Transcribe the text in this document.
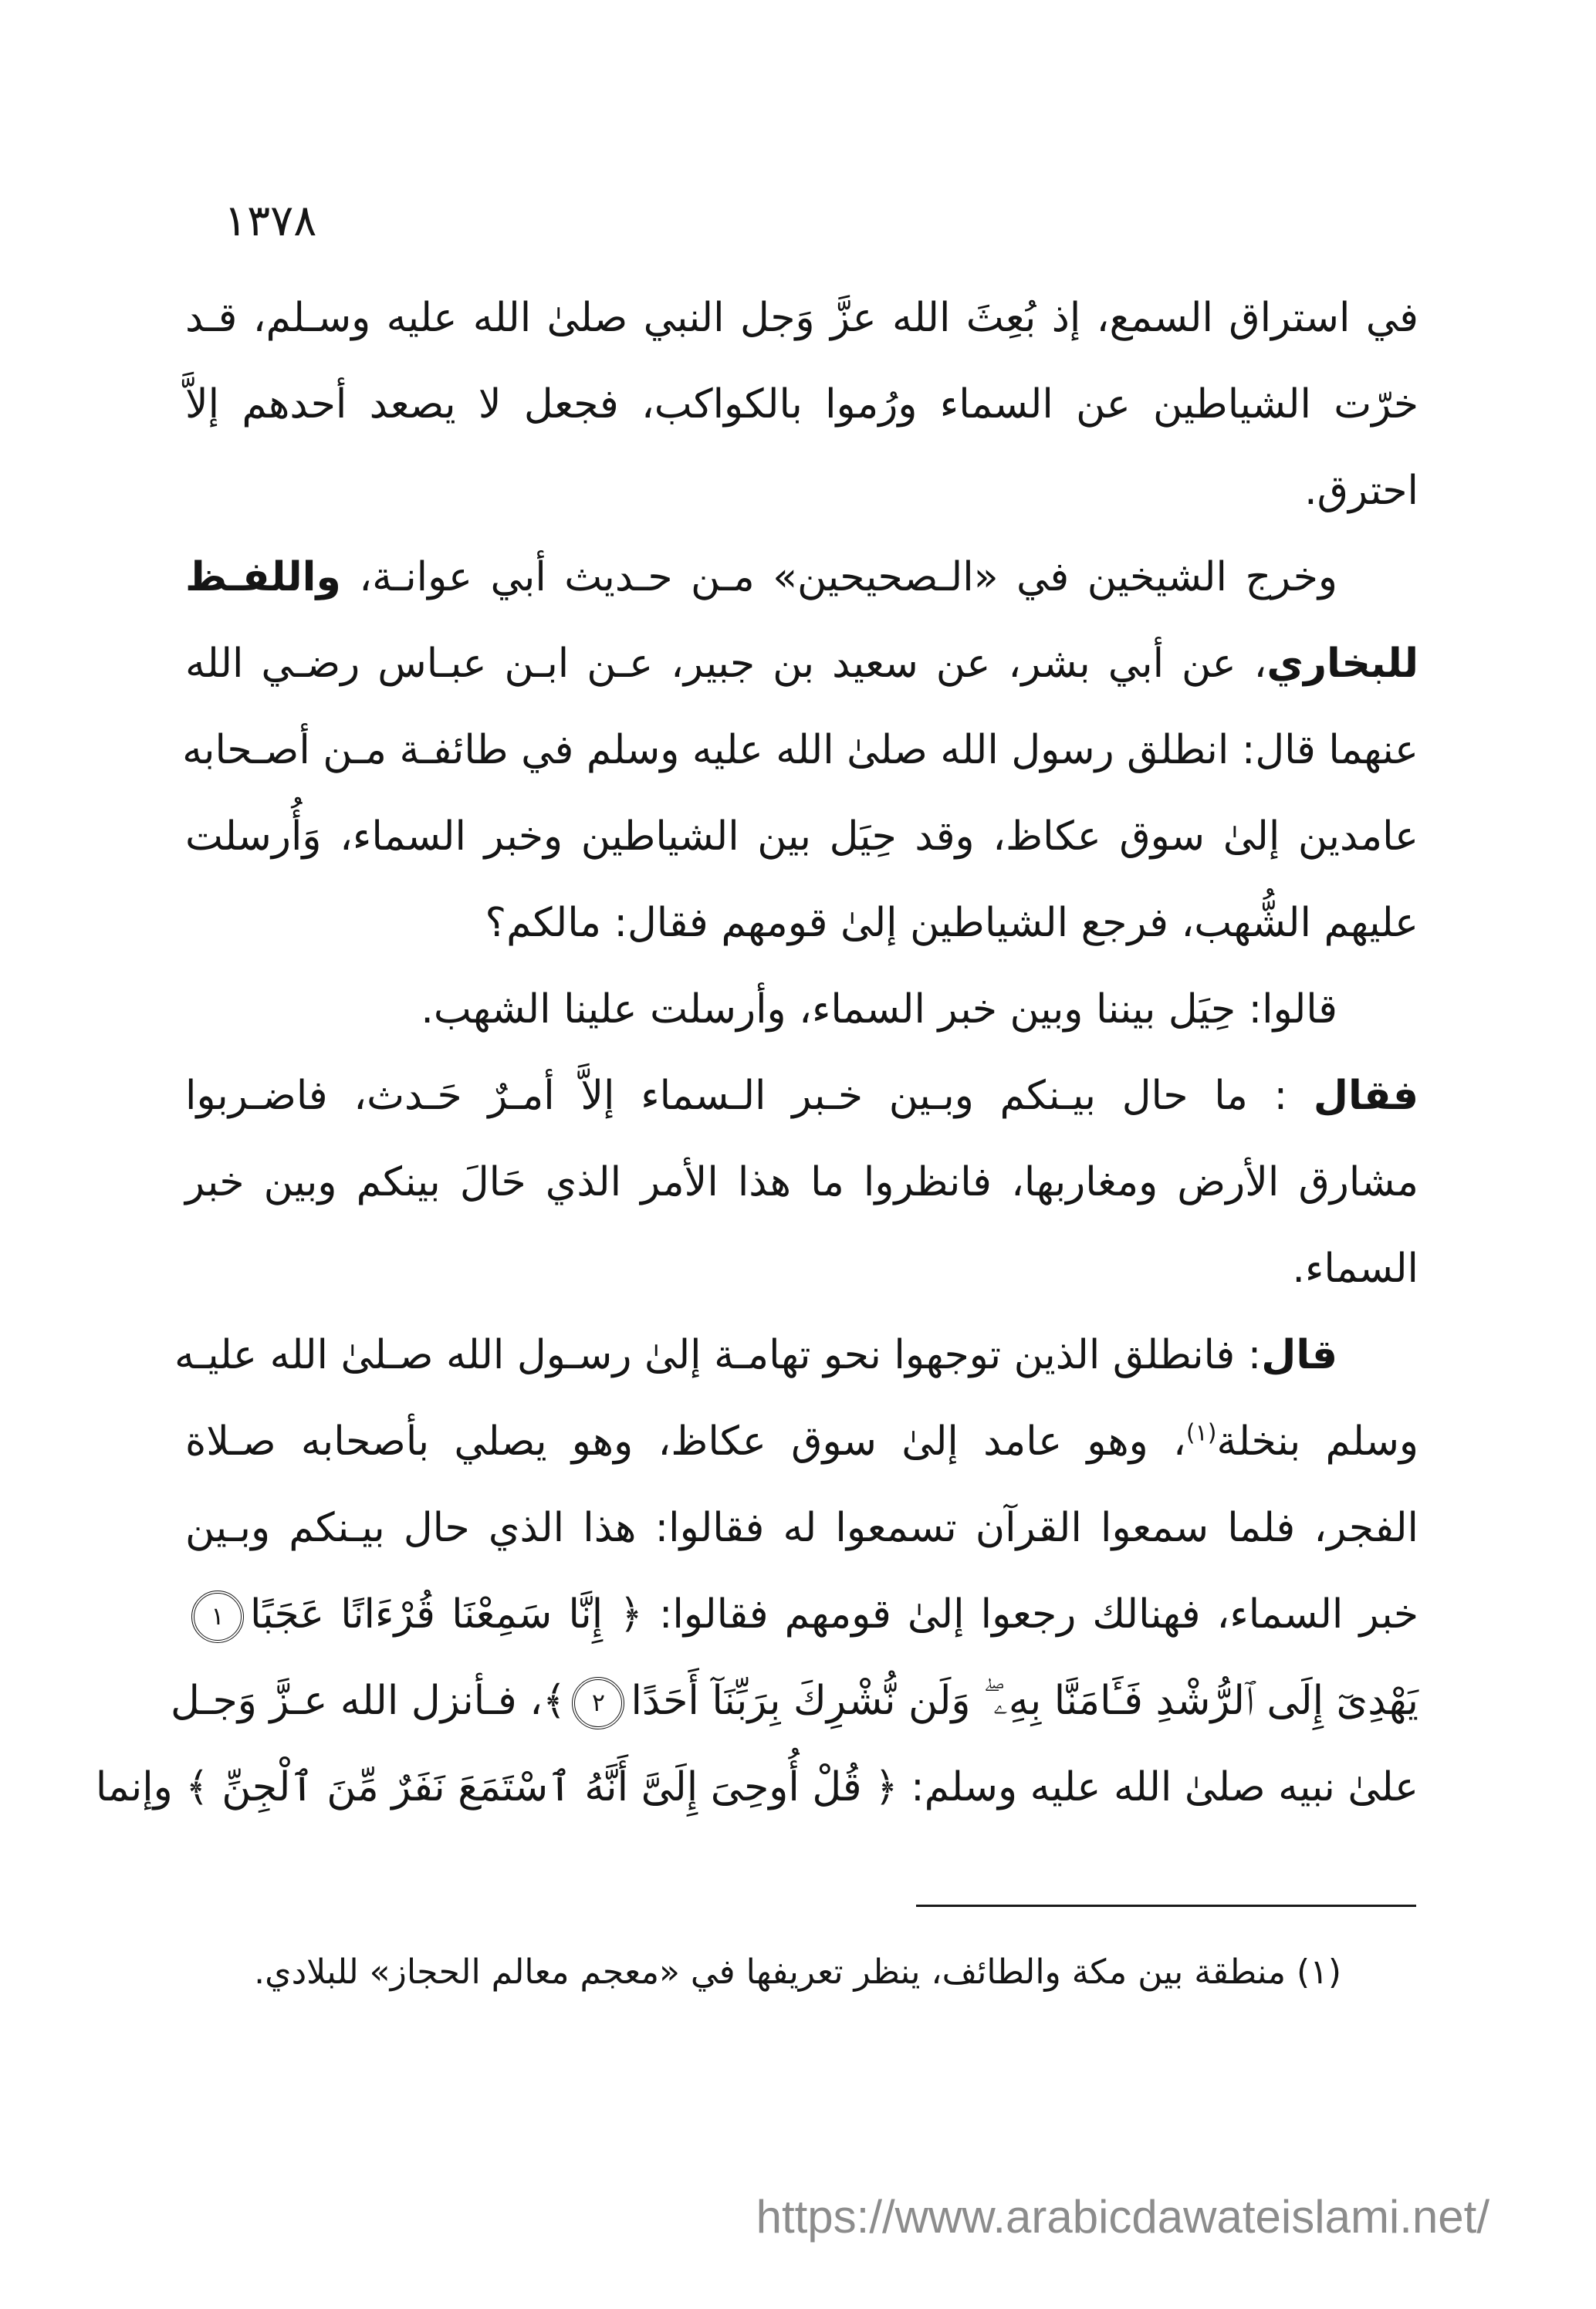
١٣٧٨
في استراق السمع، إذ بُعِثَ الله عزَّ وَجل النبي صلىٰ الله عليه وسـلم، قـد
خرّت الشياطين عن السماء ورُموا بالكواكب، فجعل لا يصعد أحدهم إلاَّ
احترق.
وخرج الشيخين في «الـصحيحين» مـن حـديث أبي عوانـة، واللفـظ
للبخاري، عن أبي بشر، عن سعيد بن جبير، عـن ابـن عبـاس رضـي الله
عنهما قال: انطلق رسول الله صلىٰ الله عليه وسلم في طائفـة مـن أصـحابه
عامدين إلىٰ سوق عكاظ، وقد حِيَل بين الشياطين وخبر السماء، وَأُرسلت
عليهم الشُّهب، فرجع الشياطين إلىٰ قومهم فقال: مالكم؟
قالوا: حِيَل بيننا وبين خبر السماء، وأرسلت علينا الشهب.
فقال : ما حال بيـنكم وبـين خـبر الـسماء إلاَّ أمـرٌ حَـدث، فاضـربوا
مشارق الأرض ومغاربها، فانظروا ما هذا الأمر الذي حَالَ بينكم وبين خبر
السماء.
قال: فانطلق الذين توجهوا نحو تهامـة إلىٰ رسـول الله صـلىٰ الله عليـه
وسلم بنخلة$^{(١)}$، وهو عامد إلىٰ سوق عكاظ، وهو يصلي بأصحابه صـلاة
الفجر، فلما سمعوا القرآن تسمعوا له فقالوا: هذا الذي حال بيـنكم وبـين
خبر السماء، فهنالك رجعوا إلىٰ قومهم فقالوا: ﴿ إِنَّا سَمِعْنَا قُرْءَانًا عَجَبًا١
يَهْدِىٓ إِلَى ٱلرُّشْدِ فَـَٔامَنَّا بِهِۦ ۖ وَلَن نُّشْرِكَ بِرَبِّنَآ أَحَدًا٢﴾، فـأنزل الله عـزَّ وَجـل
علىٰ نبيه صلىٰ الله عليه وسلم: ﴿ قُلْ أُوحِىَ إِلَىَّ أَنَّهُ ٱسْتَمَعَ نَفَرٌ مِّنَ ٱلْجِنِّ ﴾ وإنما
(١) منطقة بين مكة والطائف، ينظر تعريفها في «معجم معالم الحجاز» للبلادي.
https://www.arabicdawateislami.net/
